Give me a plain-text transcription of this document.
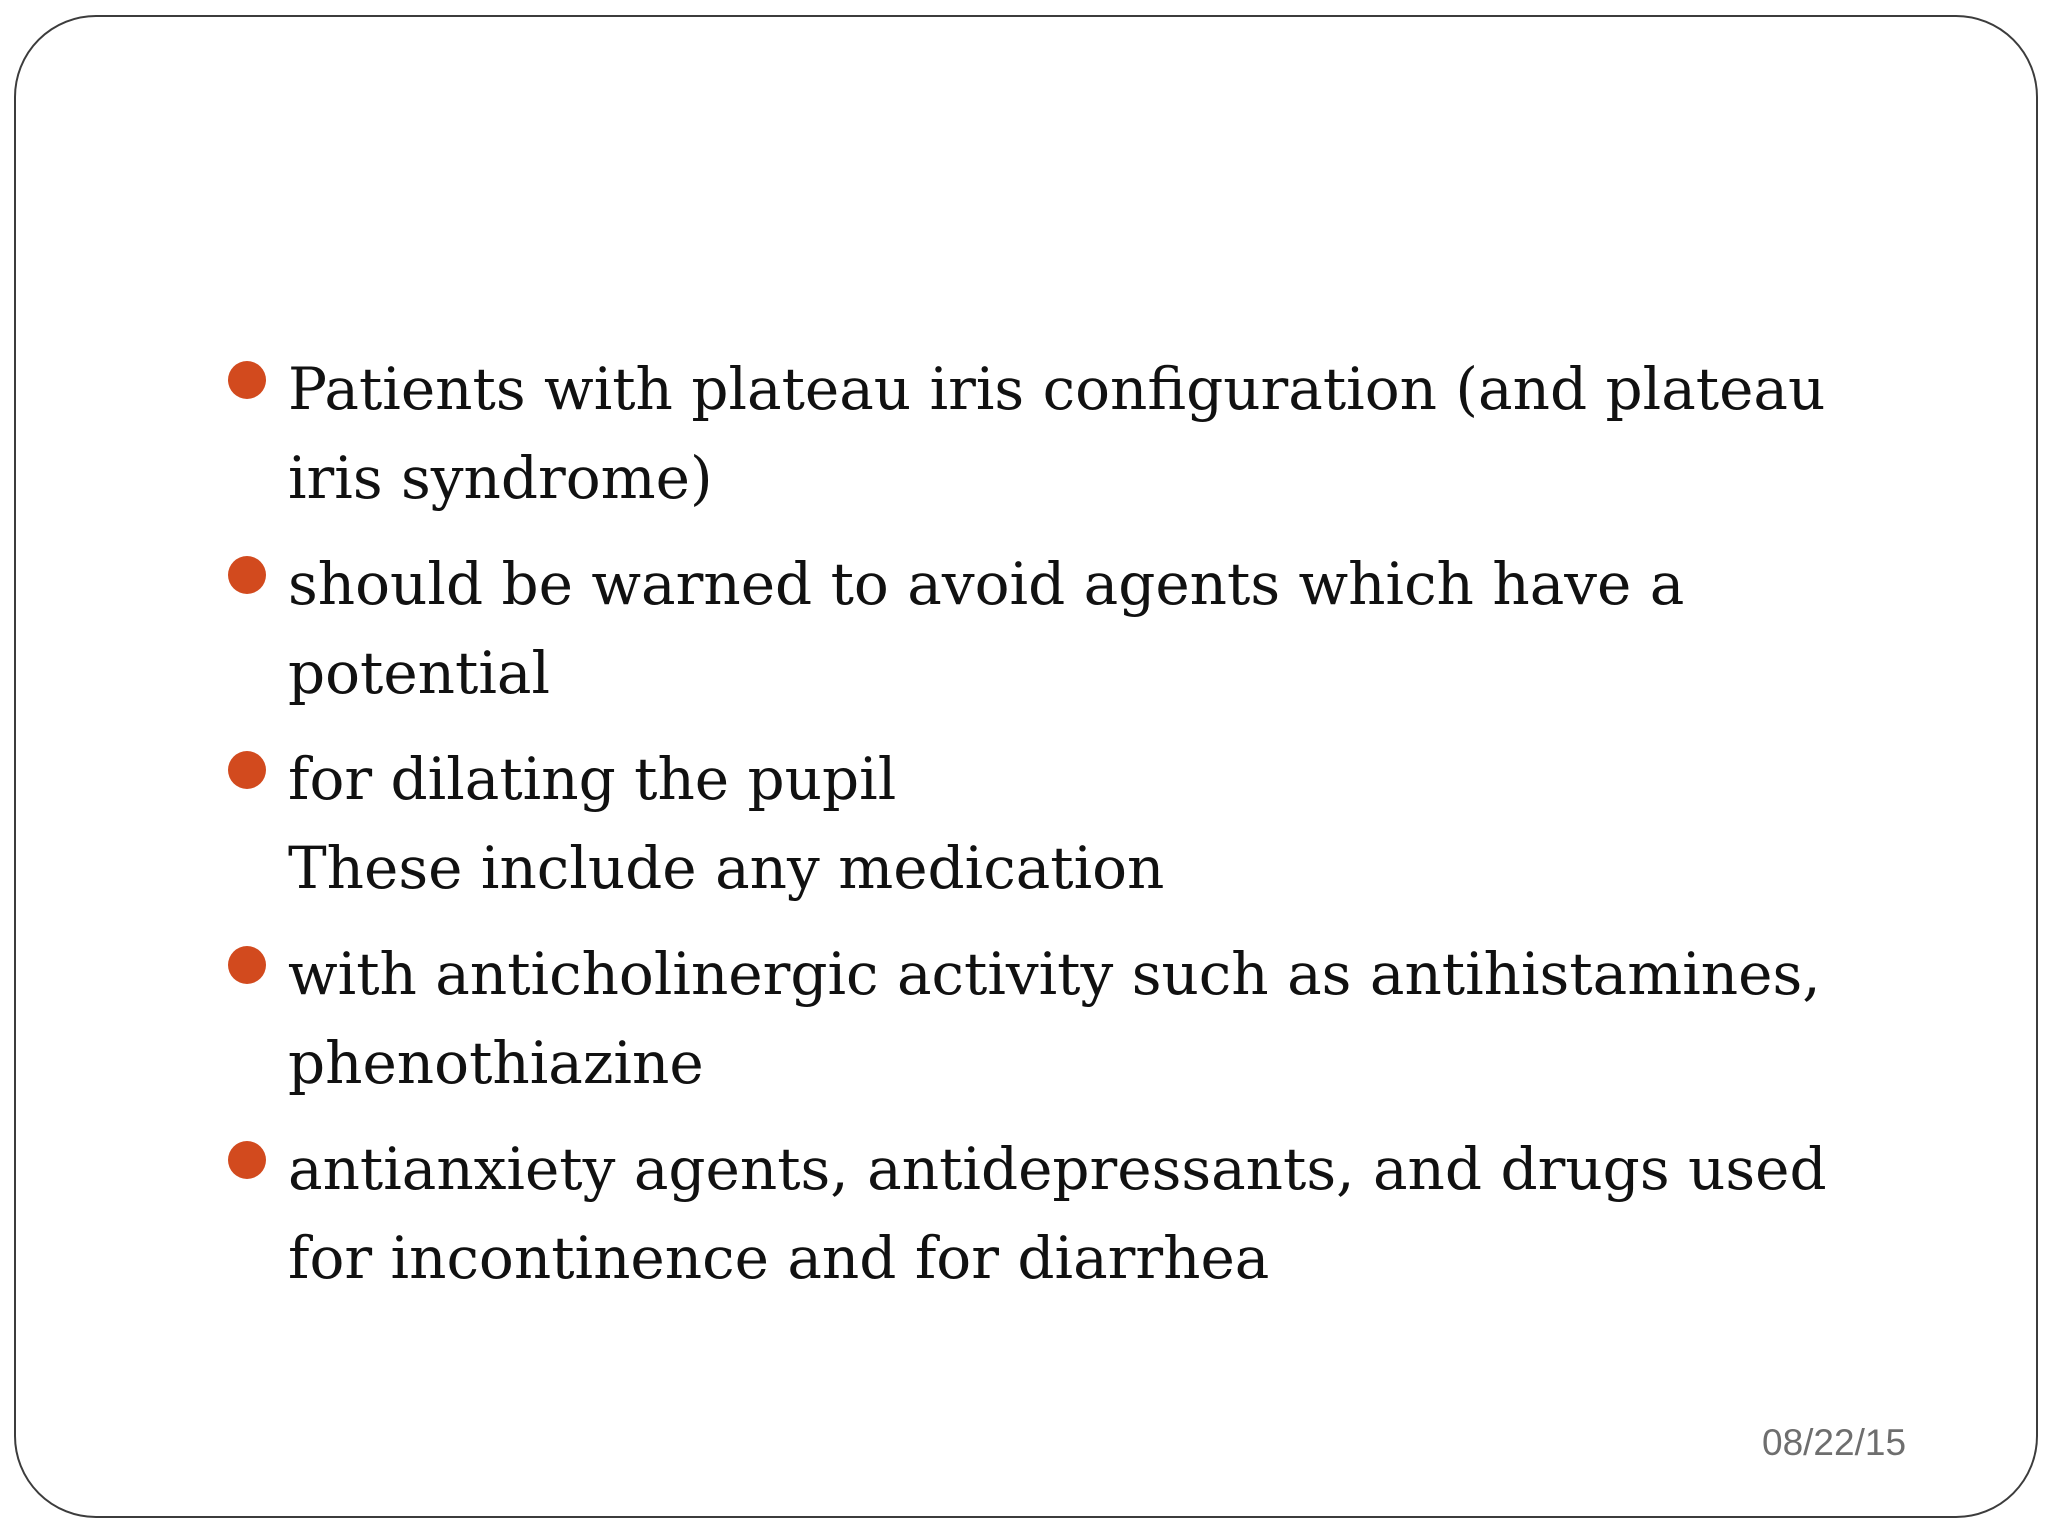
Patients with plateau iris configuration (and plateau iris syndrome)
should be warned to avoid agents which have a potential
for dilating the pupil
These include any medication
with anticholinergic activity such as antihistamines, phenothiazine
antianxiety agents, antidepressants, and drugs used for incontinence and for diarrhea
08/22/15
